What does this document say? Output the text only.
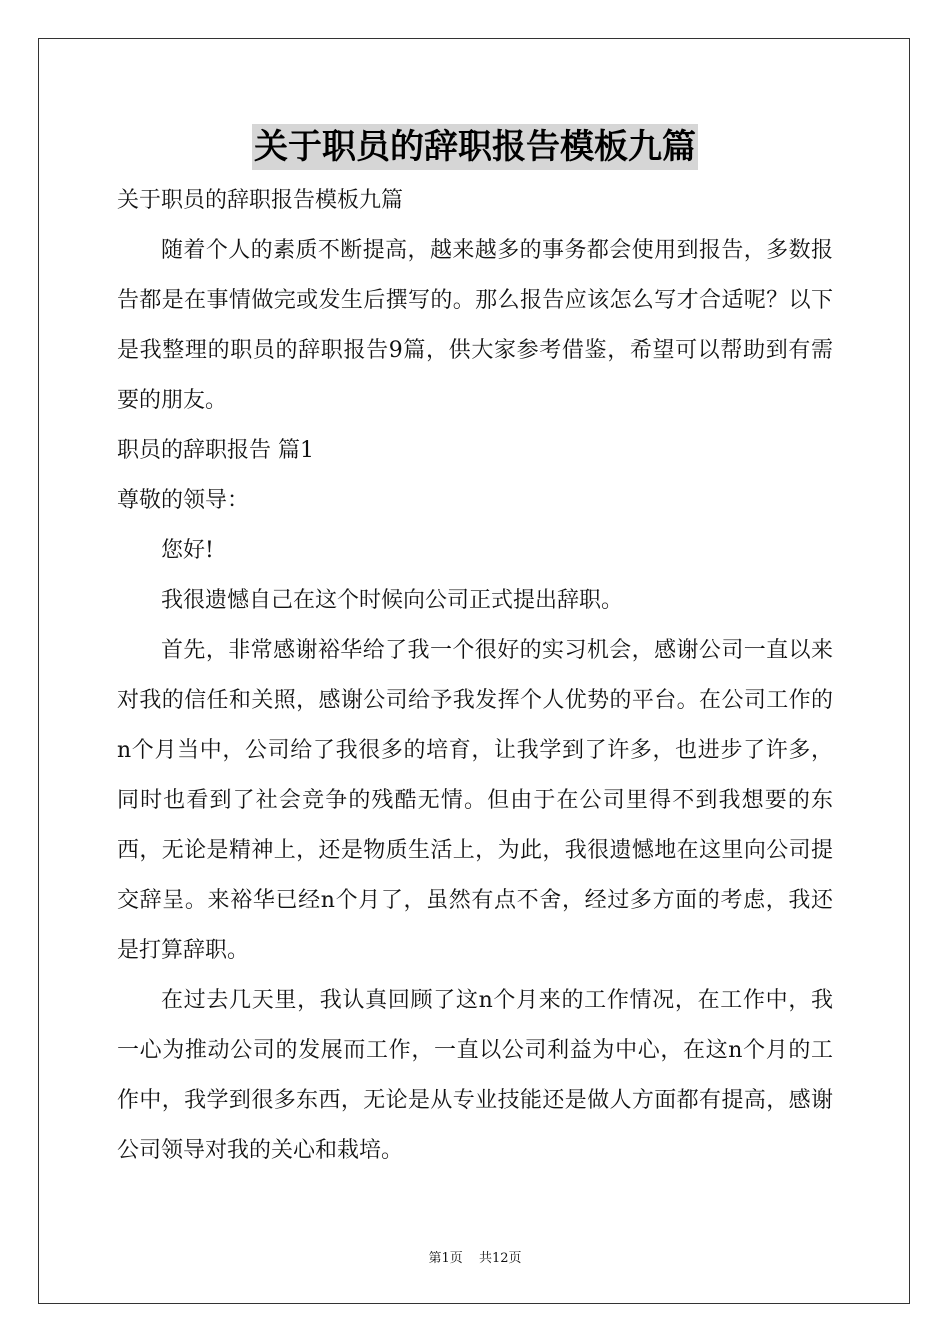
关于职员的辞职报告模板九篇

关于职员的辞职报告模板九篇

随着个人的素质不断提高，越来越多的事务都会使用到报告，多数报告都是在事情做完或发生后撰写的。那么报告应该怎么写才合适呢？以下是我整理的职员的辞职报告9篇，供大家参考借鉴，希望可以帮助到有需要的朋友。

职员的辞职报告 篇1

尊敬的领导：

您好!

我很遗憾自己在这个时候向公司正式提出辞职。

首先，非常感谢裕华给了我一个很好的实习机会，感谢公司一直以来对我的信任和关照，感谢公司给予我发挥个人优势的平台。在公司工作的n个月当中，公司给了我很多的培育，让我学到了许多，也进步了许多，同时也看到了社会竞争的残酷无情。但由于在公司里得不到我想要的东西，无论是精神上，还是物质生活上，为此，我很遗憾地在这里向公司提交辞呈。来裕华已经n个月了，虽然有点不舍，经过多方面的考虑，我还是打算辞职。

在过去几天里，我认真回顾了这n个月来的工作情况，在工作中，我一心为推动公司的发展而工作，一直以公司利益为中心，在这n个月的工作中，我学到很多东西，无论是从专业技能还是做人方面都有提高，感谢公司领导对我的关心和栽培。

第1页 共12页
